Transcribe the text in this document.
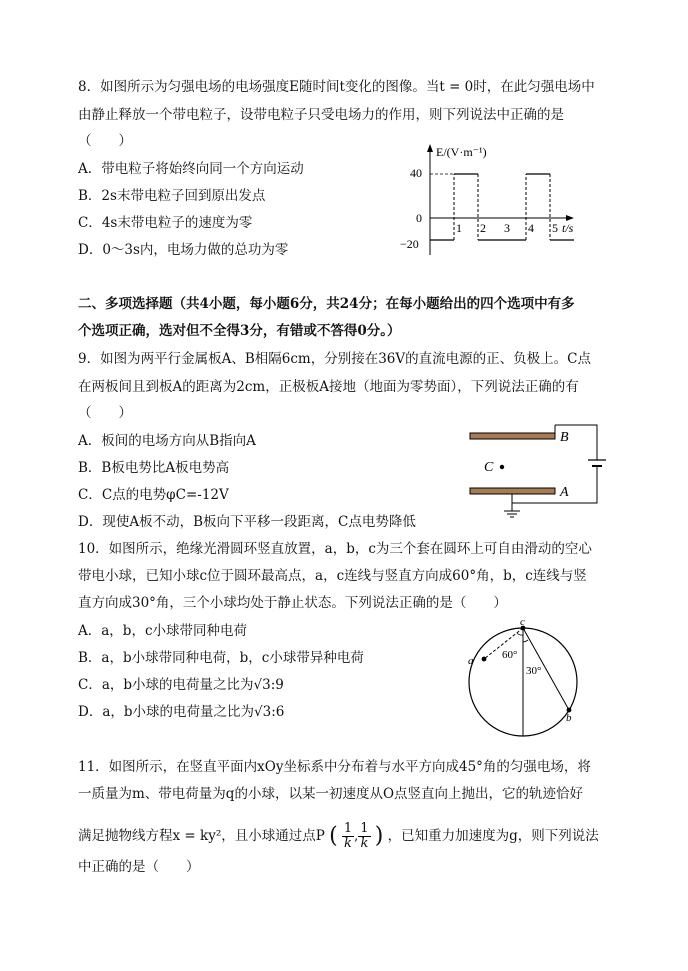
8．如图所示为匀强电场的电场强度E随时间t变化的图像。当t = 0时，在此匀强电场中
由静止释放一个带电粒子，设带电粒子只受电场力的作用，则下列说法中正确的是
（　　）
A．带电粒子将始终向同一个方向运动
B．2s末带电粒子回到原出发点
C．4s末带电粒子的速度为零
D．0～3s内，电场力做的总功为零
E/(V·m⁻¹)
t/s
40
0
−20
1 2 3 4 5
二、多项选择题（共4小题，每小题6分，共24分；在每小题给出的四个选项中有多
个选项正确，选对但不全得3分，有错或不答得0分。）
9．如图为两平行金属板A、B相隔6cm，分别接在36V的直流电源的正、负极上。C点
在两板间且到板A的距离为2cm，正极板A接地（地面为零势面），下列说法正确的有
（　　）
A．板间的电场方向从B指向A
B．B板电势比A板电势高
C．C点的电势φC=-12V
D．现使A板不动，B板向下平移一段距离，C点电势降低
B
A
C
10．如图所示，绝缘光滑圆环竖直放置，a，b，c为三个套在圆环上可自由滑动的空心
带电小球，已知小球c位于圆环最高点，a，c连线与竖直方向成60°角，b，c连线与竖
直方向成30°角，三个小球均处于静止状态。下列说法正确的是（　　）
A．a，b，c小球带同种电荷
B．a，b小球带同种电荷，b，c小球带异种电荷
C．a，b小球的电荷量之比为√3:9
D．a，b小球的电荷量之比为√3:6
c
a
b
60°
30°
11．如图所示，在竖直平面内xOy坐标系中分布着与水平方向成45°角的匀强电场，将
一质量为m、带电荷量为q的小球，以某一初速度从O点竖直向上抛出，它的轨迹恰好
满足抛物线方程x = ky²，且小球通过点P ( $\frac{1}{k}$ , $\frac{1}{k}$ ) ，已知重力加速度为g，则下列说法
中正确的是（　　）
